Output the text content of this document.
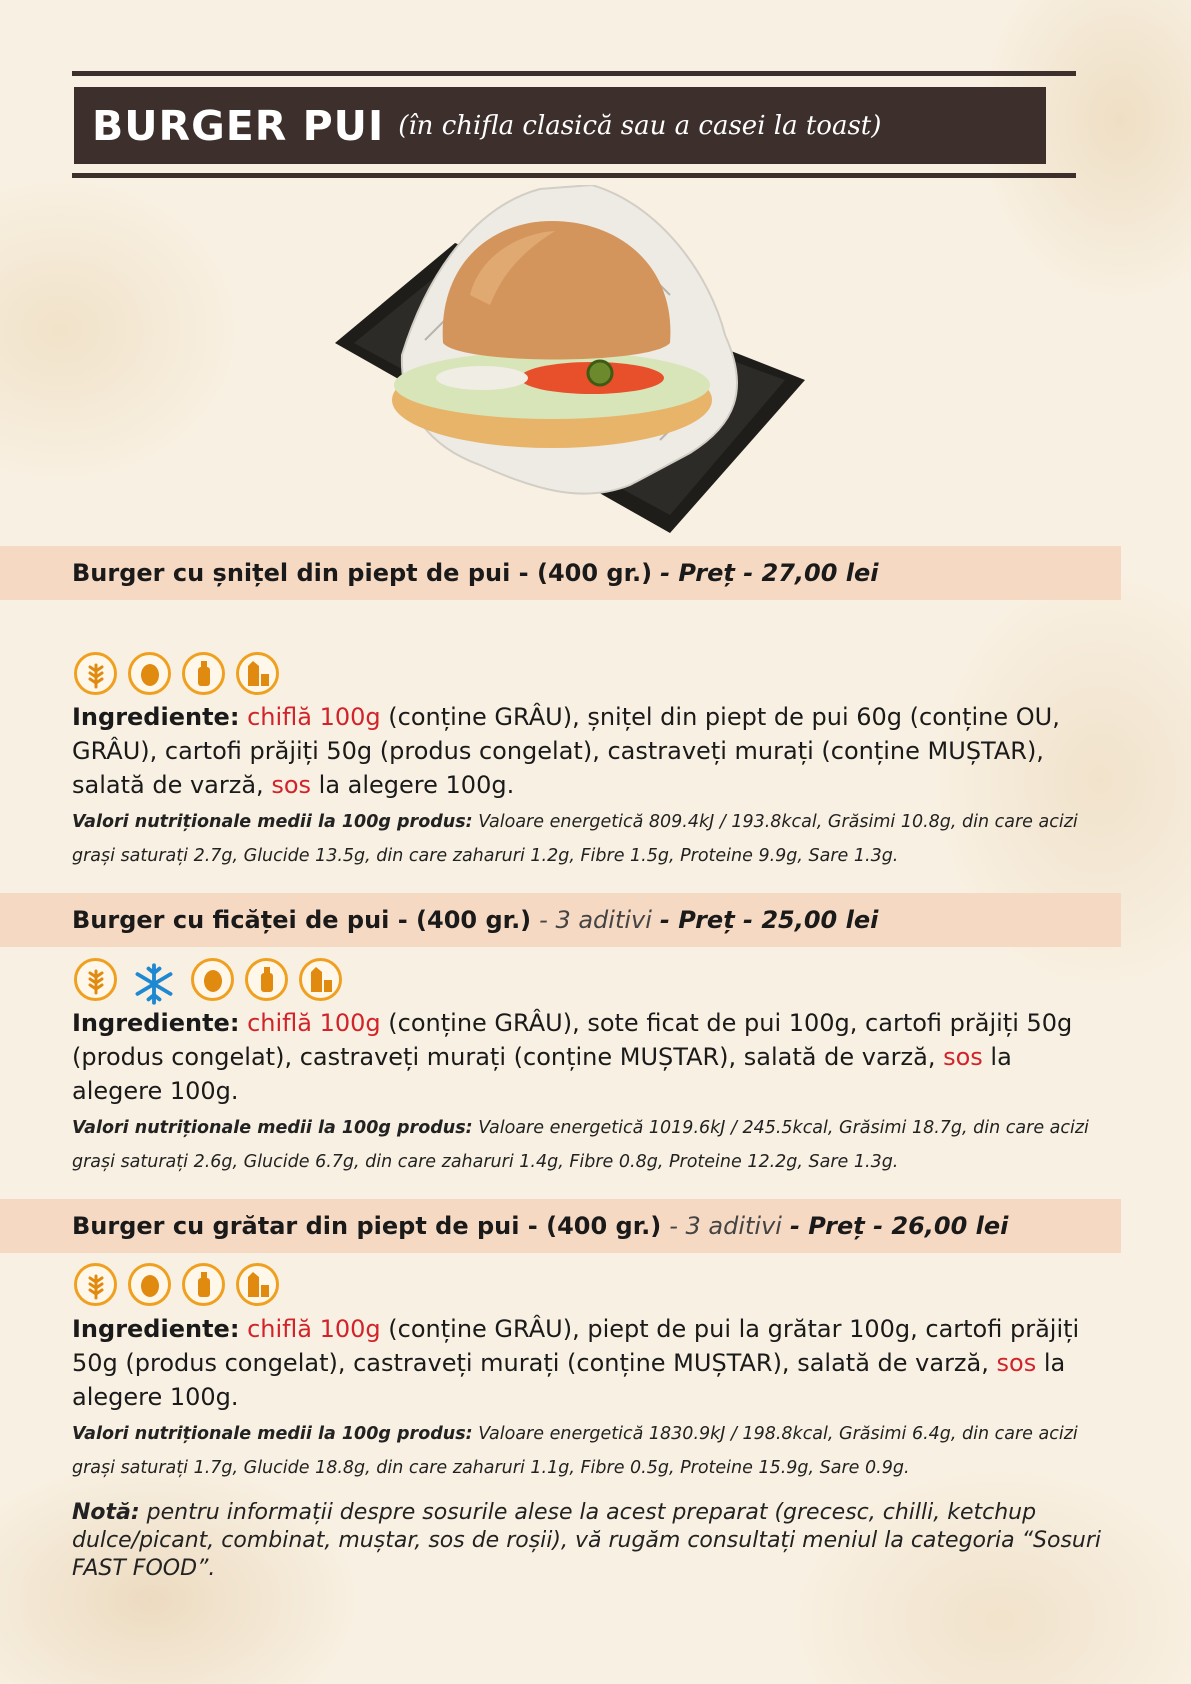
BURGER PUI (în chifla clasică sau a casei la toast)
Burger cu șnițel din piept de pui - (400 gr.) - Preț - 27,00 lei
Ingrediente: chiflă 100g (conține GRÂU), șnițel din piept de pui 60g (conține OU, GRÂU), cartofi prăjiți 50g (produs congelat), castraveți murați (conține MUȘTAR), salată de varză, sos la alegere 100g.
Valori nutriționale medii la 100g produs: Valoare energetică 809.4kJ / 193.8kcal, Grăsimi 10.8g, din care acizi grași saturați 2.7g, Glucide 13.5g, din care zaharuri 1.2g, Fibre 1.5g, Proteine 9.9g, Sare 1.3g.
Burger cu ficăței de pui - (400 gr.) - 3 aditivi - Preț - 25,00 lei
Ingrediente: chiflă 100g (conține GRÂU), sote ficat de pui 100g, cartofi prăjiți 50g (produs congelat), castraveți murați (conține MUȘTAR), salată de varză, sos la alegere 100g.
Valori nutriționale medii la 100g produs: Valoare energetică 1019.6kJ / 245.5kcal, Grăsimi 18.7g, din care acizi grași saturați 2.6g, Glucide 6.7g, din care zaharuri 1.4g, Fibre 0.8g, Proteine 12.2g, Sare 1.3g.
Burger cu grătar din piept de pui - (400 gr.) - 3 aditivi - Preț - 26,00 lei
Ingrediente: chiflă 100g (conține GRÂU), piept de pui la grătar 100g, cartofi prăjiți 50g (produs congelat), castraveți murați (conține MUȘTAR), salată de varză, sos la alegere 100g.
Valori nutriționale medii la 100g produs: Valoare energetică 1830.9kJ / 198.8kcal, Grăsimi 6.4g, din care acizi grași saturați 1.7g, Glucide 18.8g, din care zaharuri 1.1g, Fibre 0.5g, Proteine 15.9g, Sare 0.9g.
Notă: pentru informații despre sosurile alese la acest preparat (grecesc, chilli, ketchup dulce/picant, combinat, muștar, sos de roșii), vă rugăm consultați meniul la categoria “Sosuri FAST FOOD”.
